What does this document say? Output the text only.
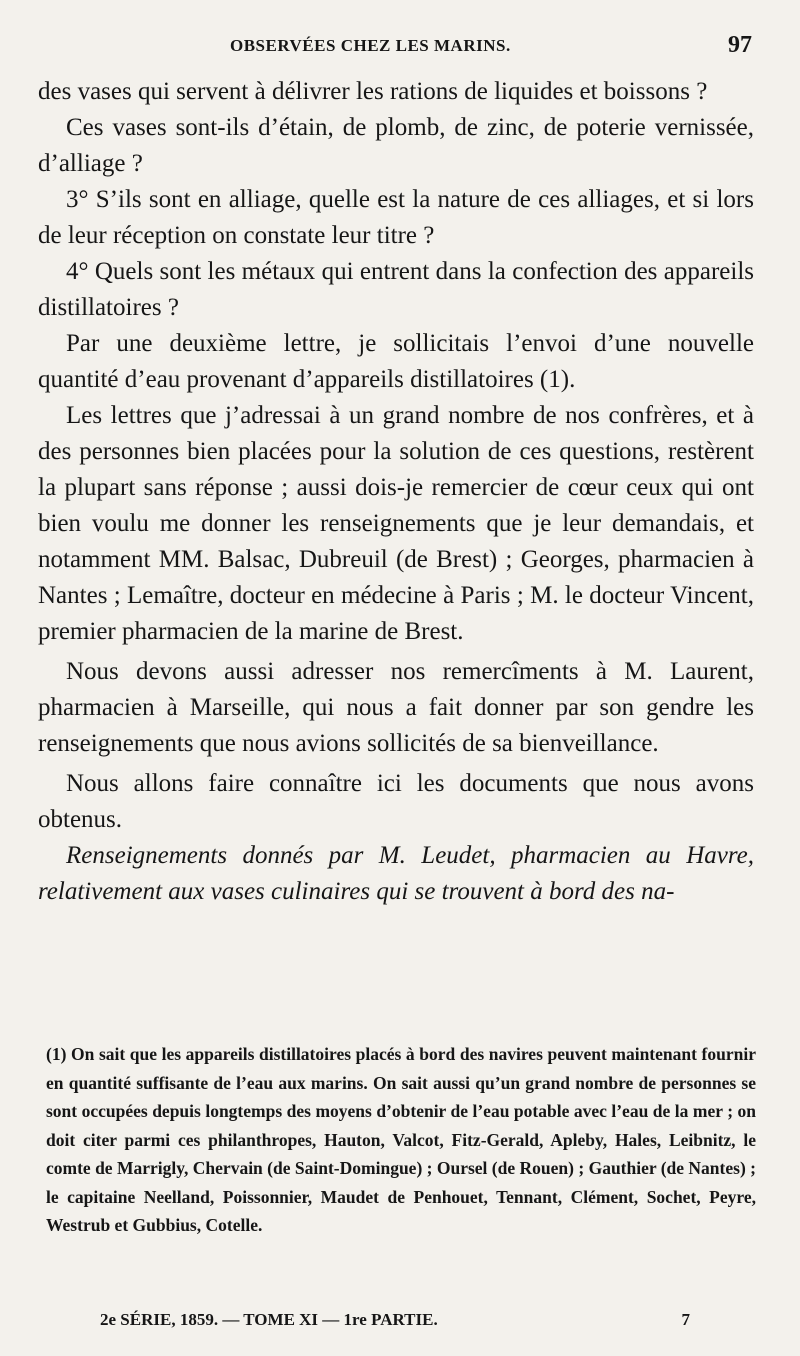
OBSERVÉES CHEZ LES MARINS.	97

des vases qui servent à délivrer les rations de liquides et boissons ?

Ces vases sont-ils d’étain, de plomb, de zinc, de poterie vernissée, d’alliage ?

3° S’ils sont en alliage, quelle est la nature de ces alliages, et si lors de leur réception on constate leur titre ?

4° Quels sont les métaux qui entrent dans la confection des appareils distillatoires ?

Par une deuxième lettre, je sollicitais l’envoi d’une nouvelle quantité d’eau provenant d’appareils distillatoires (1).

Les lettres que j’adressai à un grand nombre de nos confrères, et à des personnes bien placées pour la solution de ces questions, restèrent la plupart sans réponse ; aussi dois-je remercier de cœur ceux qui ont bien voulu me donner les renseignements que je leur demandais, et notamment MM. Balsac, Dubreuil (de Brest) ; Georges, pharmacien à Nantes ; Lemaître, docteur en médecine à Paris ; M. le docteur Vincent, premier pharmacien de la marine de Brest.

Nous devons aussi adresser nos remercîments à M. Laurent, pharmacien à Marseille, qui nous a fait donner par son gendre les renseignements que nous avions sollicités de sa bienveillance.

Nous allons faire connaître ici les documents que nous avons obtenus.

Renseignements donnés par M. Leudet, pharmacien au Havre, relativement aux vases culinaires qui se trouvent à bord des na-

(1) On sait que les appareils distillatoires placés à bord des navires peuvent maintenant fournir en quantité suffisante de l’eau aux marins. On sait aussi qu’un grand nombre de personnes se sont occupées depuis longtemps des moyens d’obtenir de l’eau potable avec l’eau de la mer ; on doit citer parmi ces philanthropes, Hauton, Valcot, Fitz-Gerald, Apleby, Hales, Leibnitz, le comte de Marrigly, Chervain (de Saint-Domingue) ; Oursel (de Rouen) ; Gauthier (de Nantes) ; le capitaine Neelland, Poissonnier, Maudet de Penhouet, Tennant, Clément, Sochet, Peyre, Westrub et Gubbius, Cotelle.

2e SÉRIE, 1859. — TOME XI — 1re PARTIE.	7
